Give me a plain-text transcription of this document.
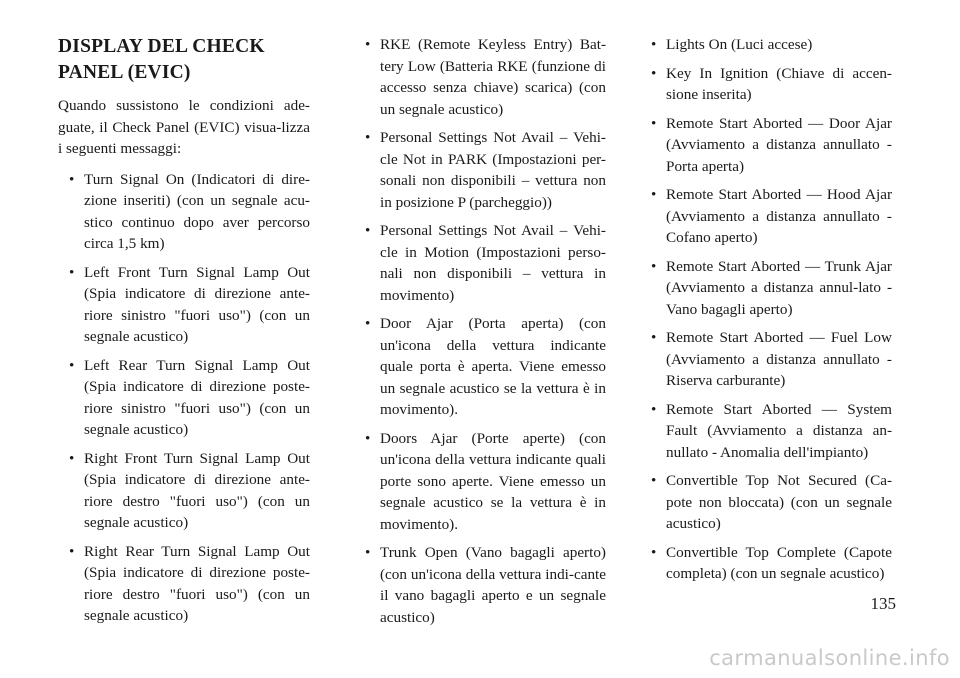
DISPLAY DEL CHECK
PANEL (EVIC)

Quando sussistono le condizioni ade-guate, il Check Panel (EVIC) visua-lizza i seguenti messaggi:

• Turn Signal On (Indicatori di dire-zione inseriti) (con un segnale acu-stico continuo dopo aver percorso circa 1,5 km)
• Left Front Turn Signal Lamp Out (Spia indicatore di direzione ante-riore sinistro "fuori uso") (con un segnale acustico)
• Left Rear Turn Signal Lamp Out (Spia indicatore di direzione poste-riore sinistro "fuori uso") (con un segnale acustico)
• Right Front Turn Signal Lamp Out (Spia indicatore di direzione ante-riore destro "fuori uso") (con un segnale acustico)
• Right Rear Turn Signal Lamp Out (Spia indicatore di direzione poste-riore destro "fuori uso") (con un segnale acustico)
• RKE (Remote Keyless Entry) Bat-tery Low (Batteria RKE (funzione di accesso senza chiave) scarica) (con un segnale acustico)
• Personal Settings Not Avail – Vehi-cle Not in PARK (Impostazioni per-sonali non disponibili – vettura non in posizione P (parcheggio))
• Personal Settings Not Avail – Vehi-cle in Motion (Impostazioni perso-nali non disponibili – vettura in movimento)
• Door Ajar (Porta aperta) (con un'icona della vettura indicante quale porta è aperta. Viene emesso un segnale acustico se la vettura è in movimento).
• Doors Ajar (Porte aperte) (con un'icona della vettura indicante quali porte sono aperte. Viene emesso un segnale acustico se la vettura è in movimento).
• Trunk Open (Vano bagagli aperto) (con un'icona della vettura indi-cante il vano bagagli aperto e un segnale acustico)
• Lights On (Luci accese)
• Key In Ignition (Chiave di accen-sione inserita)
• Remote Start Aborted — Door Ajar (Avviamento a distanza annullato - Porta aperta)
• Remote Start Aborted — Hood Ajar (Avviamento a distanza annullato - Cofano aperto)
• Remote Start Aborted — Trunk Ajar (Avviamento a distanza annul-lato - Vano bagagli aperto)
• Remote Start Aborted — Fuel Low (Avviamento a distanza annullato - Riserva carburante)
• Remote Start Aborted — System Fault (Avviamento a distanza an-nullato - Anomalia dell'impianto)
• Convertible Top Not Secured (Ca-pote non bloccata) (con un segnale acustico)
• Convertible Top Complete (Capote completa) (con un segnale acustico)
135
carmanualsonline.info
